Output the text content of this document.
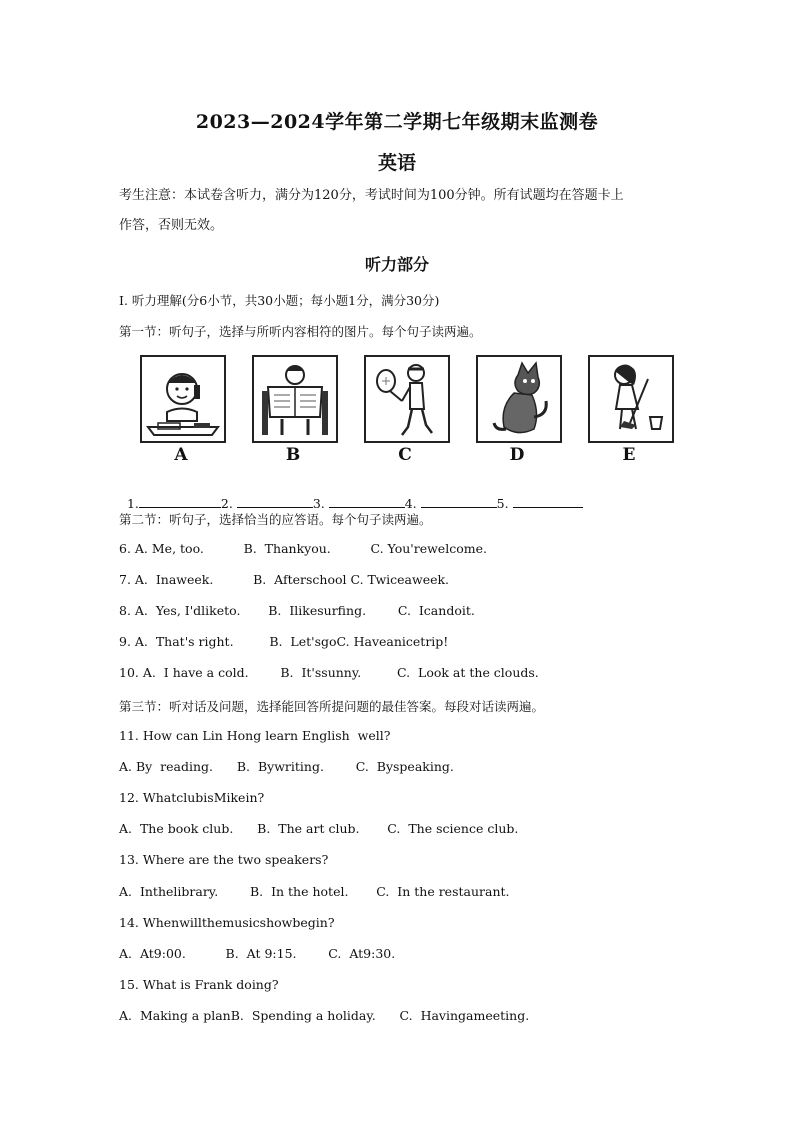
2023—2024学年第二学期七年级期末监测卷
英语
考生注意：本试卷含听力，满分为120分，考试时间为100分钟。所有试题均在答题卡上
作答，否则无效。
听力部分
I. 听力理解(分6小节，共30小题；每小题1分，满分30分)
第一节：听句子，选择与所听内容相符的图片。每个句子读两遍。
A	B	C	D	E

1.	2.	3.	4.	5.

第二节：听句子，选择恰当的应答语。每个句子读两遍。
6. A. Me, too.          B.  Thankyou.          C. You'rewelcome.
7. A.  Inaweek.          B.  Afterschool C. Twiceaweek.
8. A.  Yes, I'dliketo.       B.  Ilikesurfing.        C.  Icandoit.
9. A.  That's right.         B.  Let'sgoC. Haveanicetrip!
10. A.  I have a cold.        B.  It'ssunny.         C.  Look at the clouds.
第三节：听对话及问题，选择能回答所提问题的最佳答案。每段对话读两遍。
11. How can Lin Hong learn English  well?
A. By  reading.      B.  Bywriting.        C.  Byspeaking.
12. WhatclubisMikein?
A.  The book club.      B.  The art club.       C.  The science club.
13. Where are the two speakers?
A.  Inthelibrary.        B.  In the hotel.       C.  In the restaurant.
14. Whenwillthemusicshowbegin?
A.  At9:00.          B.  At 9:15.        C.  At9:30.
15. What is Frank doing?
A.  Making a planB.  Spending a holiday.      C.  Havingameeting.
